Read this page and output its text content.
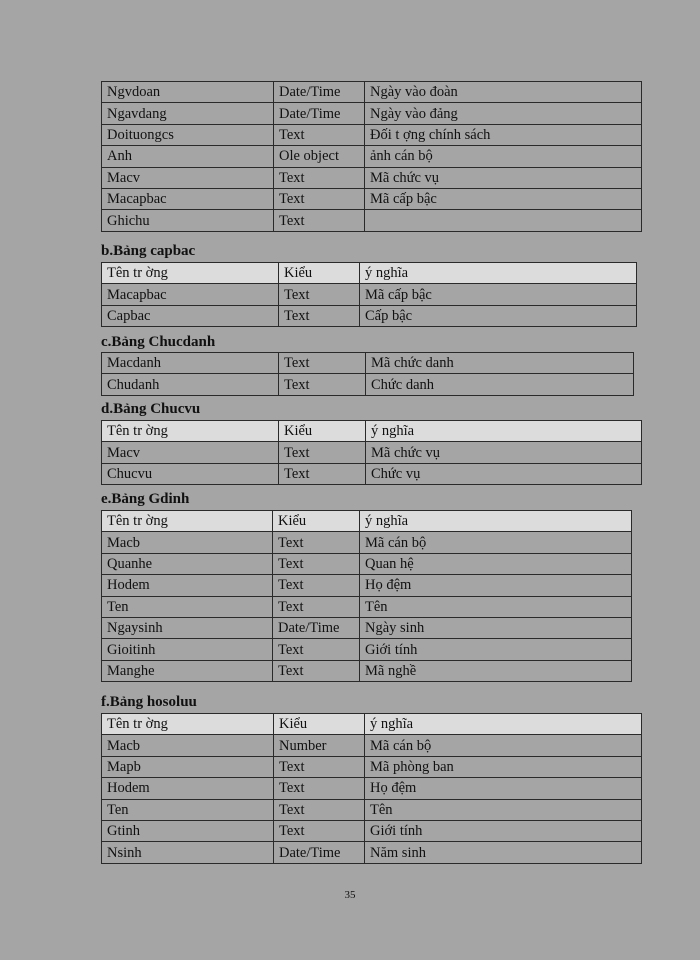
Ngvdoan	Date/Time	Ngày vào đoàn
Ngavdang	Date/Time	Ngày vào đảng
Doituongcs	Text	Đối t ợng chính sách
Anh	Ole object	ảnh cán bộ
Macv	Text	Mã chức vụ
Macapbac	Text	Mã cấp bậc
Ghichu	Text	
b.Bảng capbac
Tên tr ờng	Kiểu	ý nghĩa
Macapbac	Text	Mã cấp bậc
Capbac	Text	Cấp bậc
c.Bảng Chucdanh
Macdanh	Text	Mã chức danh
Chudanh	Text	Chức danh
d.Bảng Chucvu
Tên tr ờng	Kiểu	ý nghĩa
Macv	Text	Mã chức vụ
Chucvu	Text	Chức vụ
e.Bảng Gdinh
Tên tr ờng	Kiểu	ý nghĩa
Macb	Text	Mã cán bộ
Quanhe	Text	Quan hệ
Hodem	Text	Họ đệm
Ten	Text	Tên
Ngaysinh	Date/Time	Ngày sinh
Gioitinh	Text	Giới tính
Manghe	Text	Mã nghề
f.Bảng hosoluu
Tên tr ờng	Kiểu	ý nghĩa
Macb	Number	Mã cán bộ
Mapb	Text	Mã phòng ban
Hodem	Text	Họ đệm
Ten	Text	Tên
Gtinh	Text	Giới tính
Nsinh	Date/Time	Năm sinh
35
